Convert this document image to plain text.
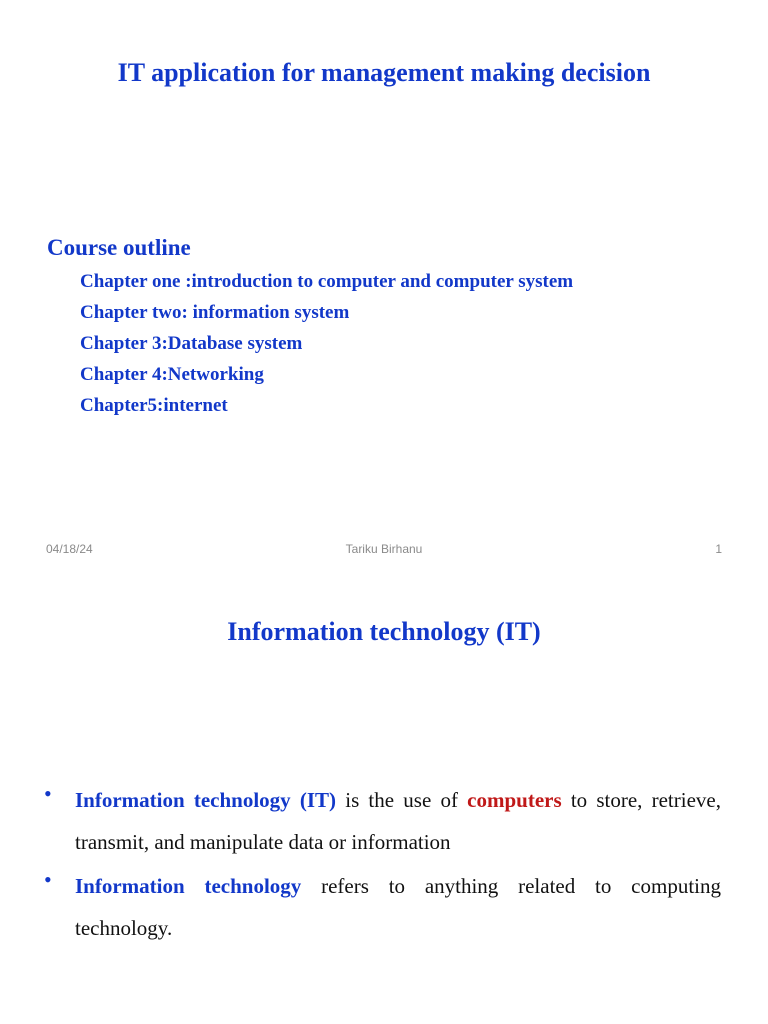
IT application for management making decision
Course outline
Chapter one :introduction to computer and computer system
Chapter two: information system
Chapter 3:Database system
Chapter 4:Networking
Chapter5:internet
04/18/24	Tariku Birhanu	1
Information technology (IT)
• Information technology (IT) is the use of computers to store, retrieve, transmit, and manipulate data or information
• Information technology refers to anything related to computing technology.
